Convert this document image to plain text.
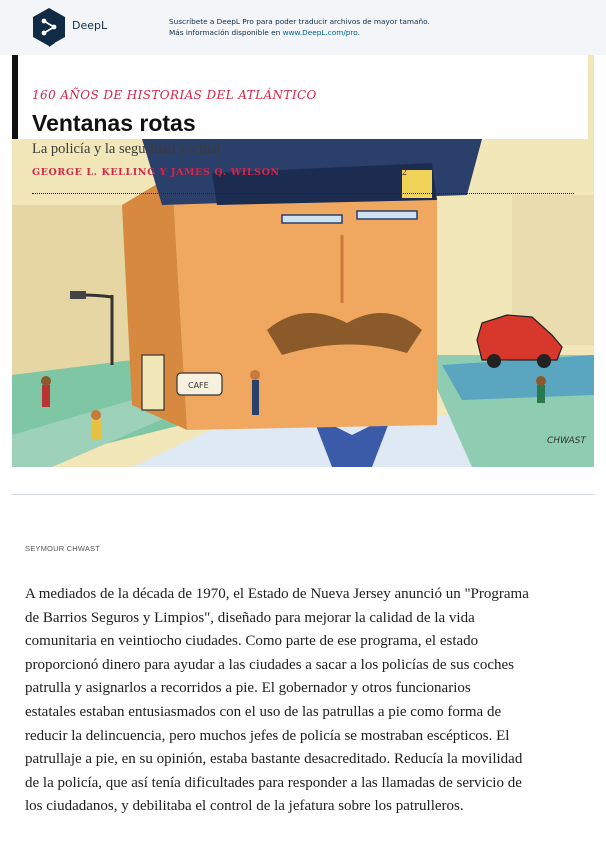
DeepL	Suscríbete a DeepL Pro para poder traducir archivos de mayor tamaño.
Más información disponible en www.DeepL.com/pro.
CAFE
CHWAST
160 AÑOS DE HISTORIAS DEL ATLÁNTICO
Ventanas rotas
La policía y la seguridad vecinal
GEORGE L. KELLING Y JAMES Q. WILSON	2
SEYMOUR CHWAST

A mediados de la década de 1970, el Estado de Nueva Jersey anunció un "Programa

de Barrios Seguros y Limpios", diseñado para mejorar la calidad de la vida

comunitaria en veintiocho ciudades. Como parte de ese programa, el estado

proporcionó dinero para ayudar a las ciudades a sacar a los policías de sus coches

patrulla y asignarlos a recorridos a pie. El gobernador y otros funcionarios

estatales estaban entusiasmados con el uso de las patrullas a pie como forma de

reducir la delincuencia, pero muchos jefes de policía se mostraban escépticos. El

patrullaje a pie, en su opinión, estaba bastante desacreditado. Reducía la movilidad

de la policía, que así tenía dificultades para responder a las llamadas de servicio de

los ciudadanos, y debilitaba el control de la jefatura sobre los patrulleros.
